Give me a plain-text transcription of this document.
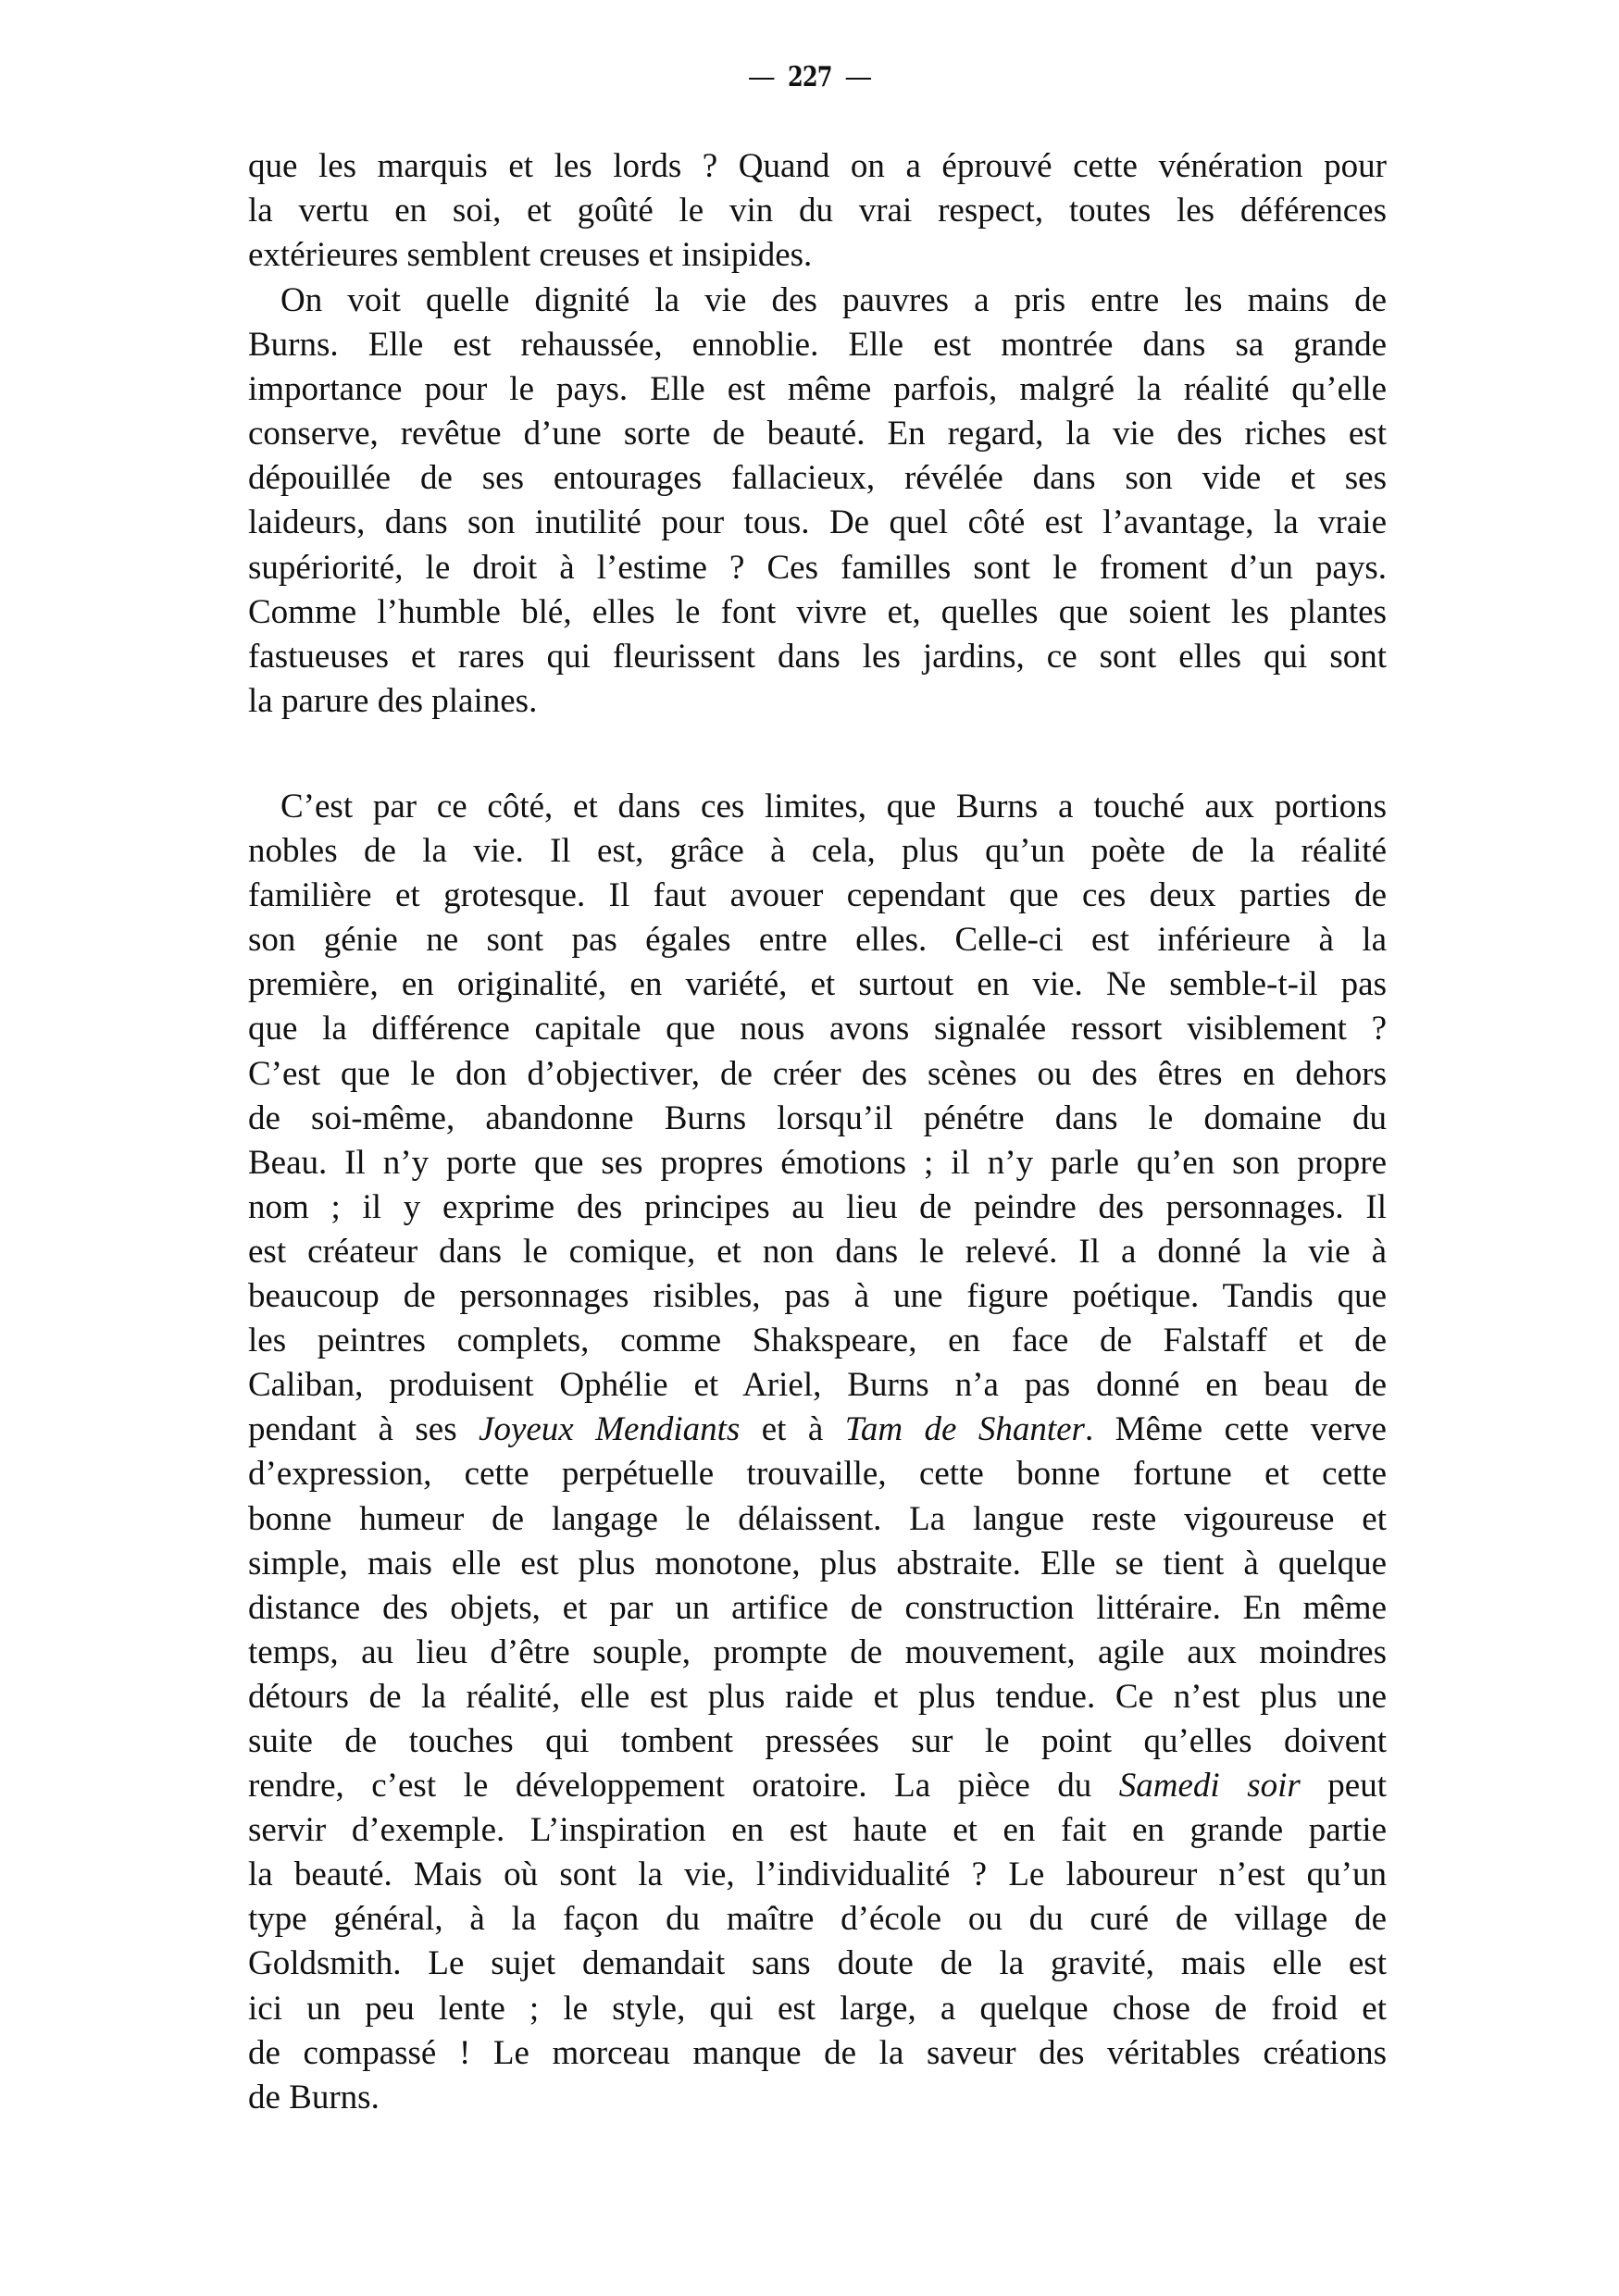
— 227 —
que les marquis et les lords ? Quand on a éprouvé cette vénération pour
la vertu en soi, et goûté le vin du vrai respect, toutes les déférences
extérieures semblent creuses et insipides.
On voit quelle dignité la vie des pauvres a pris entre les mains de
Burns. Elle est rehaussée, ennoblie. Elle est montrée dans sa grande
importance pour le pays. Elle est même parfois, malgré la réalité qu’elle
conserve, revêtue d’une sorte de beauté. En regard, la vie des riches est
dépouillée de ses entourages fallacieux, révélée dans son vide et ses
laideurs, dans son inutilité pour tous. De quel côté est l’avantage, la vraie
supériorité, le droit à l’estime ? Ces familles sont le froment d’un pays.
Comme l’humble blé, elles le font vivre et, quelles que soient les plantes
fastueuses et rares qui fleurissent dans les jardins, ce sont elles qui sont
la parure des plaines.
C’est par ce côté, et dans ces limites, que Burns a touché aux portions
nobles de la vie. Il est, grâce à cela, plus qu’un poète de la réalité
familière et grotesque. Il faut avouer cependant que ces deux parties de
son génie ne sont pas égales entre elles. Celle-ci est inférieure à la
première, en originalité, en variété, et surtout en vie. Ne semble-t-il pas
que la différence capitale que nous avons signalée ressort visiblement ?
C’est que le don d’objectiver, de créer des scènes ou des êtres en dehors
de soi-même, abandonne Burns lorsqu’il pénétre dans le domaine du
Beau. Il n’y porte que ses propres émotions ; il n’y parle qu’en son propre
nom ; il y exprime des principes au lieu de peindre des personnages. Il
est créateur dans le comique, et non dans le relevé. Il a donné la vie à
beaucoup de personnages risibles, pas à une figure poétique. Tandis que
les peintres complets, comme Shakspeare, en face de Falstaff et de
Caliban, produisent Ophélie et Ariel, Burns n’a pas donné en beau de
pendant à ses Joyeux Mendiants et à Tam de Shanter. Même cette verve
d’expression, cette perpétuelle trouvaille, cette bonne fortune et cette
bonne humeur de langage le délaissent. La langue reste vigoureuse et
simple, mais elle est plus monotone, plus abstraite. Elle se tient à quelque
distance des objets, et par un artifice de construction littéraire. En même
temps, au lieu d’être souple, prompte de mouvement, agile aux moindres
détours de la réalité, elle est plus raide et plus tendue. Ce n’est plus une
suite de touches qui tombent pressées sur le point qu’elles doivent
rendre, c’est le développement oratoire. La pièce du Samedi soir peut
servir d’exemple. L’inspiration en est haute et en fait en grande partie
la beauté. Mais où sont la vie, l’individualité ? Le laboureur n’est qu’un
type général, à la façon du maître d’école ou du curé de village de
Goldsmith. Le sujet demandait sans doute de la gravité, mais elle est
ici un peu lente ; le style, qui est large, a quelque chose de froid et
de compassé ! Le morceau manque de la saveur des véritables créations
de Burns.
